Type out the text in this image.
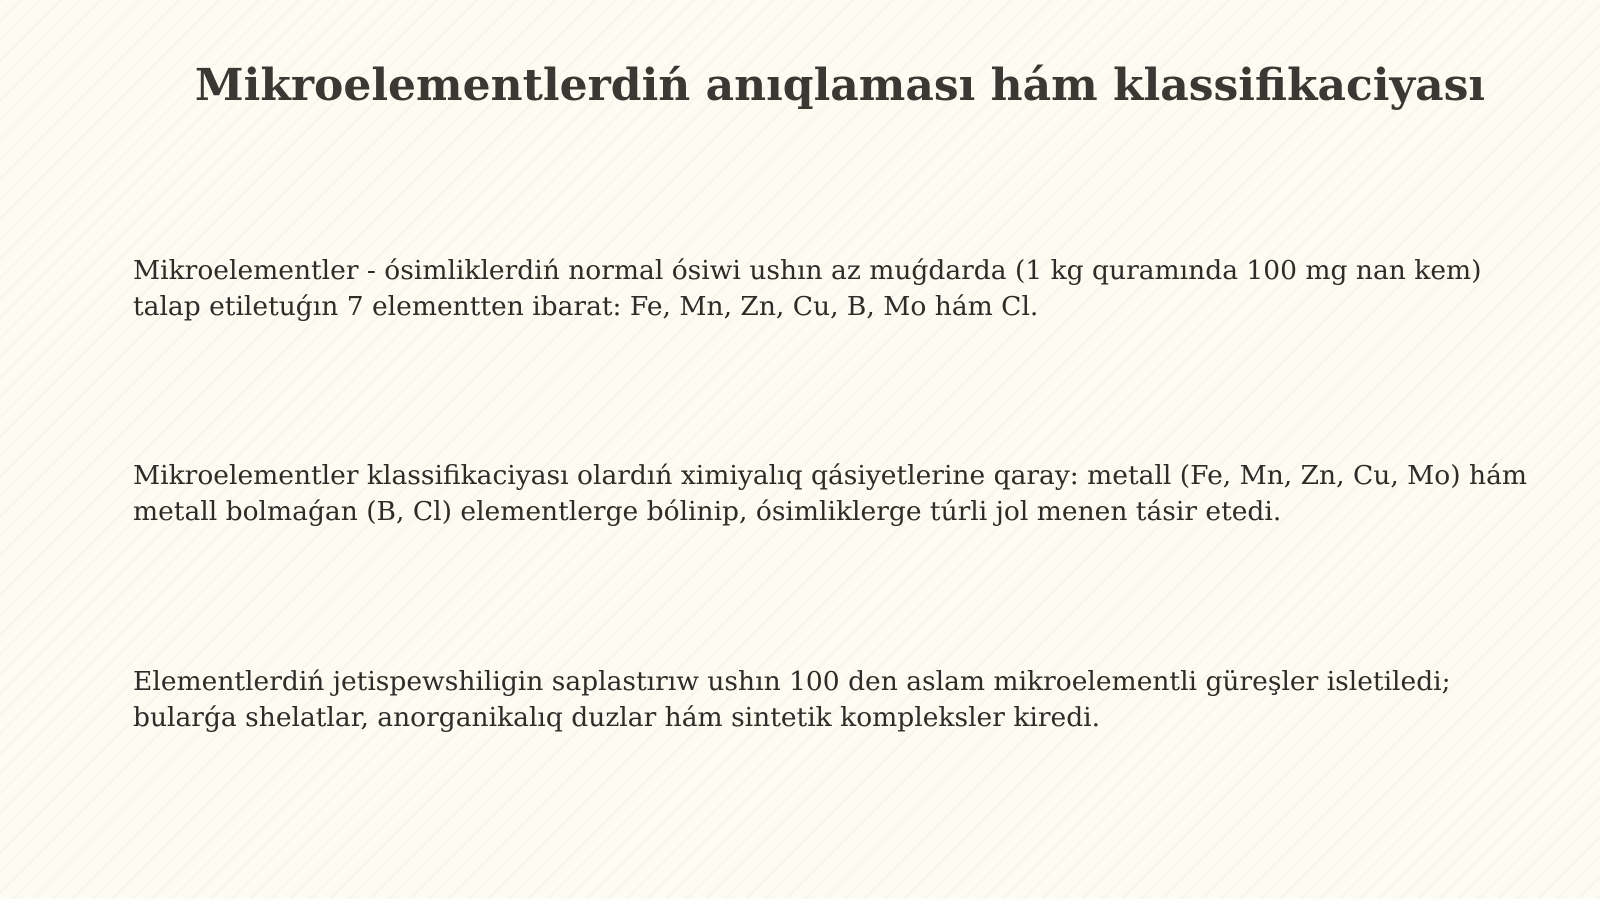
Mikroelementlerdiń anıqlaması hám klassifikaciyası

Mikroelementler - ósimliklerdiń normal ósiwi ushın az muǵdarda (1 kg quramında 100 mg nan kem) talap etiletuǵın 7 elementten ibarat: Fe, Mn, Zn, Cu, B, Mo hám Cl.

Mikroelementler klassifikaciyası olardıń ximiyalıq qásiyetlerine qaray: metall (Fe, Mn, Zn, Cu, Mo) hám metall bolmaǵan (B, Cl) elementlerge bólinip, ósimliklerge túrli jol menen tásir etedi.

Elementlerdiń jetispewshiligin saplastırıw ushın 100 den aslam mikroelementli güreşler isletiledi; bularǵa shelatlar, anorganikalıq duzlar hám sintetik kompleksler kiredi.
